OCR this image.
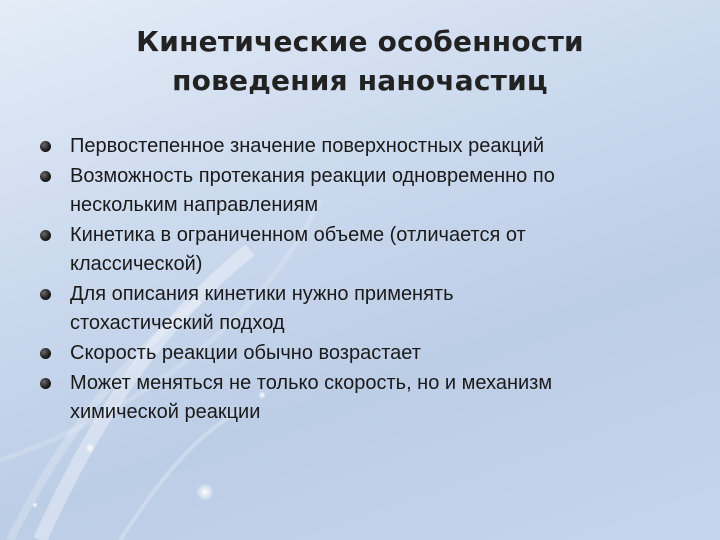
Кинетические особенности
поведения наночастиц
Первостепенное значение поверхностных реакций
Возможность протекания реакции одновременно по
нескольким направлениям
Кинетика в ограниченном объеме (отличается от
классической)
Для описания кинетики нужно применять
стохастический подход
Скорость реакции обычно возрастает
Может меняться не только скорость, но и механизм
химической реакции
